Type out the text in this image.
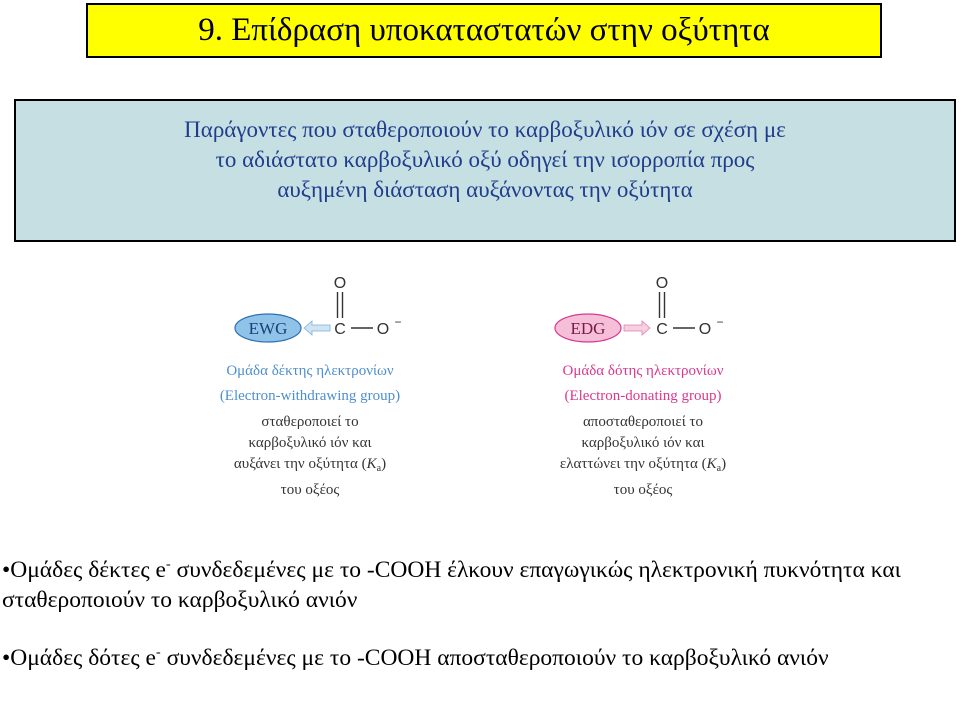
9. Επίδραση υποκαταστατών στην οξύτητα
Παράγοντες που σταθεροποιούν το καρβοξυλικό ιόν σε σχέση με
το αδιάστατο καρβοξυλικό οξύ οδηγεί την ισορροπία προς
αυξημένη διάσταση αυξάνοντας την οξύτητα
EWG
O
C O −
Ομάδα δέκτης ηλεκτρονίων
(Electron-withdrawing group)
σταθεροποιεί το
καρβοξυλικό ιόν και
αυξάνει την οξύτητα $(K_a)$
του οξέος
EDG
O
C O −
Ομάδα δότης ηλεκτρονίων
(Electron-donating group)
αποσταθεροποιεί το
καρβοξυλικό ιόν και
ελαττώνει την οξύτητα $(K_a)$
του οξέος

•Ομάδες δέκτες e- συνδεδεμένες με το -COOH έλκουν επαγωγικώς ηλεκτρονική πυκνότητα και σταθεροποιούν το καρβοξυλικό ανιόν

•Ομάδες δότες e- συνδεδεμένες με το -COOH αποσταθεροποιούν το καρβοξυλικό ανιόν
